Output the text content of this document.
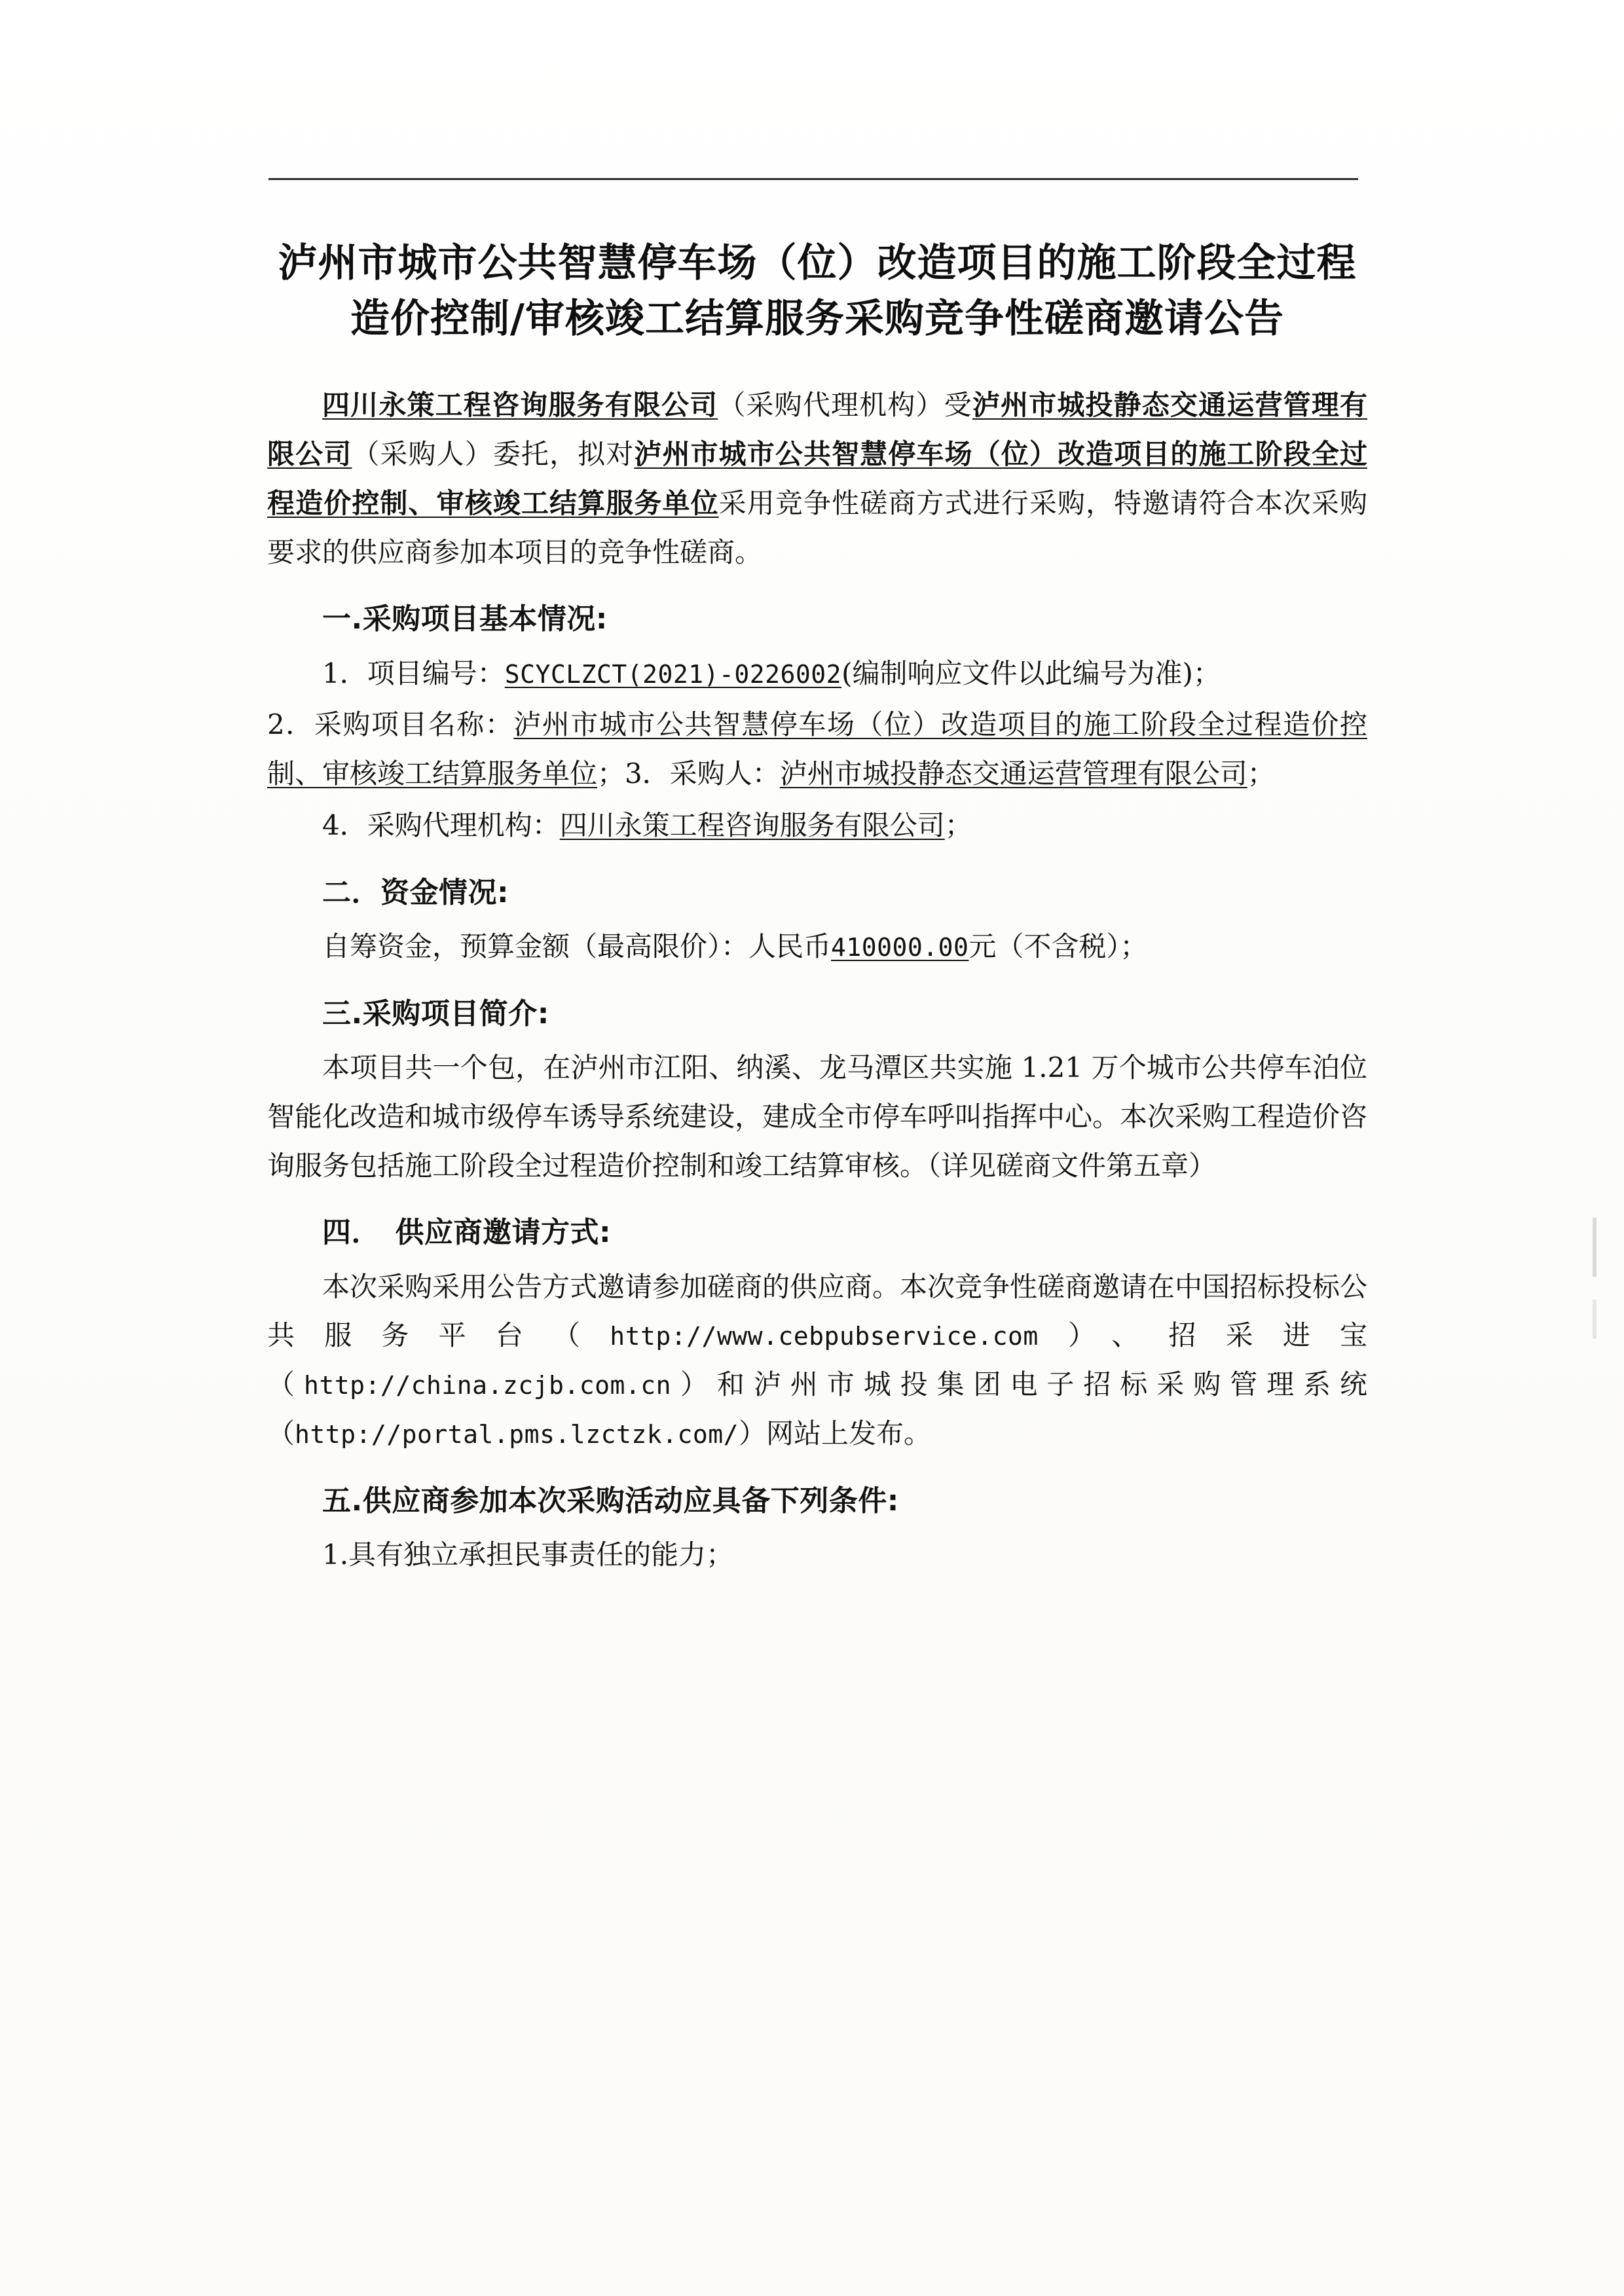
泸州市城市公共智慧停车场（位）改造项目的施工阶段全过程造价控制/审核竣工结算服务采购竞争性磋商邀请公告

四川永策工程咨询服务有限公司（采购代理机构）受泸州市城投静态交通运营管理有限公司（采购人）委托，拟对泸州市城市公共智慧停车场（位）改造项目的施工阶段全过程造价控制、审核竣工结算服务单位采用竞争性磋商方式进行采购，特邀请符合本次采购要求的供应商参加本项目的竞争性磋商。

一.采购项目基本情况:

1．项目编号：SCYCLZCT(2021)-0226002(编制响应文件以此编号为准)；

2．采购项目名称：泸州市城市公共智慧停车场（位）改造项目的施工阶段全过程造价控制、审核竣工结算服务单位；3．采购人：泸州市城投静态交通运营管理有限公司；

4．采购代理机构：四川永策工程咨询服务有限公司；

二．资金情况:

自筹资金，预算金额（最高限价）：人民币410000.00元（不含税）；

三.采购项目简介:

本项目共一个包，在泸州市江阳、纳溪、龙马潭区共实施 1.21 万个城市公共停车泊位智能化改造和城市级停车诱导系统建设，建成全市停车呼叫指挥中心。本次采购工程造价咨询服务包括施工阶段全过程造价控制和竣工结算审核。（详见磋商文件第五章）

四．　供应商邀请方式:

本次采购采用公告方式邀请参加磋商的供应商。本次竞争性磋商邀请在中国招标投标公共服务平台（http://www.cebpubservice.com）、招采进宝（http://china.zcjb.com.cn）和泸州市城投集团电子招标采购管理系统（http://portal.pms.lzctzk.com/）网站上发布。

五.供应商参加本次采购活动应具备下列条件:

1.具有独立承担民事责任的能力；
